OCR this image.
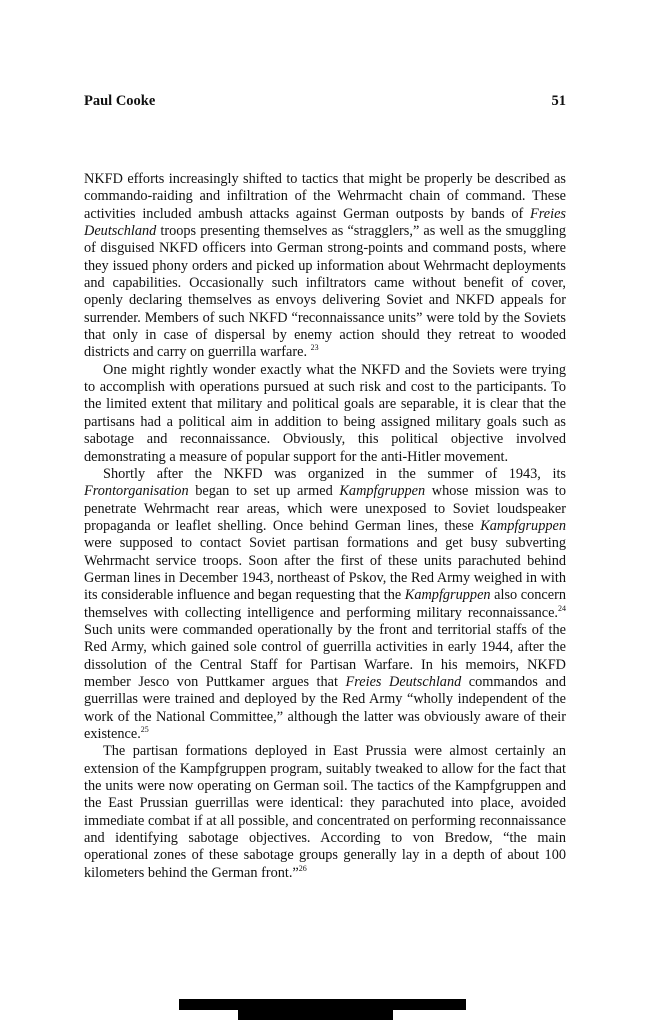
Paul Cooke	51

NKFD efforts increasingly shifted to tactics that might be properly be described as commando-raiding and infiltration of the Wehrmacht chain of command. These activities included ambush attacks against German outposts by bands of Freies Deutschland troops presenting themselves as “stragglers,” as well as the smuggling of disguised NKFD officers into German strong-points and command posts, where they issued phony orders and picked up information about Wehrmacht deployments and capabilities. Occasionally such infiltrators came without benefit of cover, openly declaring themselves as envoys delivering Soviet and NKFD appeals for surrender. Members of such NKFD “reconnaissance units” were told by the Soviets that only in case of dispersal by enemy action should they retreat to wooded districts and carry on guerrilla warfare. $^{23}$

One might rightly wonder exactly what the NKFD and the Soviets were trying to accomplish with operations pursued at such risk and cost to the participants. To the limited extent that military and political goals are separable, it is clear that the partisans had a political aim in addition to being assigned military goals such as sabotage and reconnaissance. Obviously, this political objective involved demonstrating a measure of popular support for the anti-Hitler movement.

Shortly after the NKFD was organized in the summer of 1943, its Frontorganisation began to set up armed Kampfgruppen whose mission was to penetrate Wehrmacht rear areas, which were unexposed to Soviet loudspeaker propaganda or leaflet shelling. Once behind German lines, these Kampfgruppen were supposed to contact Soviet partisan formations and get busy subverting Wehrmacht service troops. Soon after the first of these units parachuted behind German lines in December 1943, northeast of Pskov, the Red Army weighed in with its considerable influence and began requesting that the Kampfgruppen also concern themselves with collecting intelligence and performing military reconnaissance.$^{24}$ Such units were commanded operationally by the front and territorial staffs of the Red Army, which gained sole control of guerrilla activities in early 1944, after the dissolution of the Central Staff for Partisan Warfare. In his memoirs, NKFD member Jesco von Puttkamer argues that Freies Deutschland commandos and guerrillas were trained and deployed by the Red Army “wholly independent of the work of the National Committee,” although the latter was obviously aware of their existence.$^{25}$

The partisan formations deployed in East Prussia were almost certainly an extension of the Kampfgruppen program, suitably tweaked to allow for the fact that the units were now operating on German soil. The tactics of the Kampfgruppen and the East Prussian guerrillas were identical: they parachuted into place, avoided immediate combat if at all possible, and concentrated on performing reconnaissance and identifying sabotage objectives. According to von Bredow, “the main operational zones of these sabotage groups generally lay in a depth of about 100 kilometers behind the German front.”$^{26}$
